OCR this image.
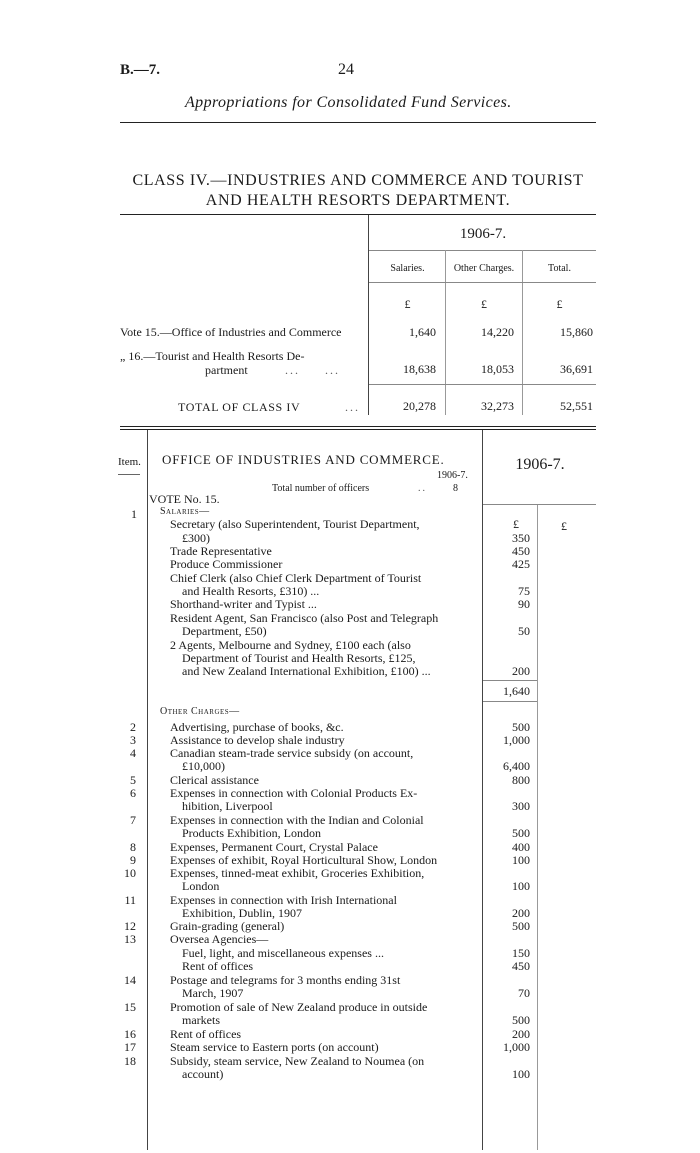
B.—7.	24
Appropriations for Consolidated Fund Services.
CLASS IV.—INDUSTRIES AND COMMERCE AND TOURIST
AND HEALTH RESORTS DEPARTMENT.
1906-7.
Salaries.	Other Charges.	Total.
£	£	£
Vote 15.—Office of Industries and Commerce	1,640	14,220	15,860
„ 16.—Tourist and Health Resorts De-
partment	...     ...	18,638	18,053	36,691
TOTAL OF CLASS IV	...	20,278	32,273	52,551
Item. OFFICE OF INDUSTRIES AND COMMERCE.
1906-7.
Total number of officers	..	8
1906-7.
VOTE No. 15.
Salaries—
1
£
Secretary (also Superintendent, Tourist Department,	£
£300)	350
Trade Representative	450
Produce Commissioner	425
Chief Clerk (also Chief Clerk Department of Tourist
and Health Resorts, £310) ...	75
Shorthand-writer and Typist ...	90
Resident Agent, San Francisco (also Post and Telegraph
Department, £50)	50
2 Agents, Melbourne and Sydney, £100 each (also
Department of Tourist and Health Resorts, £125,
and New Zealand International Exhibition, £100) ...	200
1,640
Other Charges—
2	Advertising, purchase of books, &c.	500
3	Assistance to develop shale industry	1,000
4	Canadian steam-trade service subsidy (on account,
£10,000)	6,400
5	Clerical assistance	800
6	Expenses in connection with Colonial Products Ex-
hibition, Liverpool	300
7	Expenses in connection with the Indian and Colonial
Products Exhibition, London	500
8	Expenses, Permanent Court, Crystal Palace	400
9	Expenses of exhibit, Royal Horticultural Show, London	100
10	Expenses, tinned-meat exhibit, Groceries Exhibition,
London	100
11	Expenses in connection with Irish International
Exhibition, Dublin, 1907	200
12	Grain-grading (general)	500
13	Oversea Agencies—
Fuel, light, and miscellaneous expenses ...	150
Rent of offices	450
14	Postage and telegrams for 3 months ending 31st
March, 1907	70
15	Promotion of sale of New Zealand produce in outside
markets	500
16	Rent of offices	200
17	Steam service to Eastern ports (on account)	1,000
18	Subsidy, steam service, New Zealand to Noumea (on
account)	100
